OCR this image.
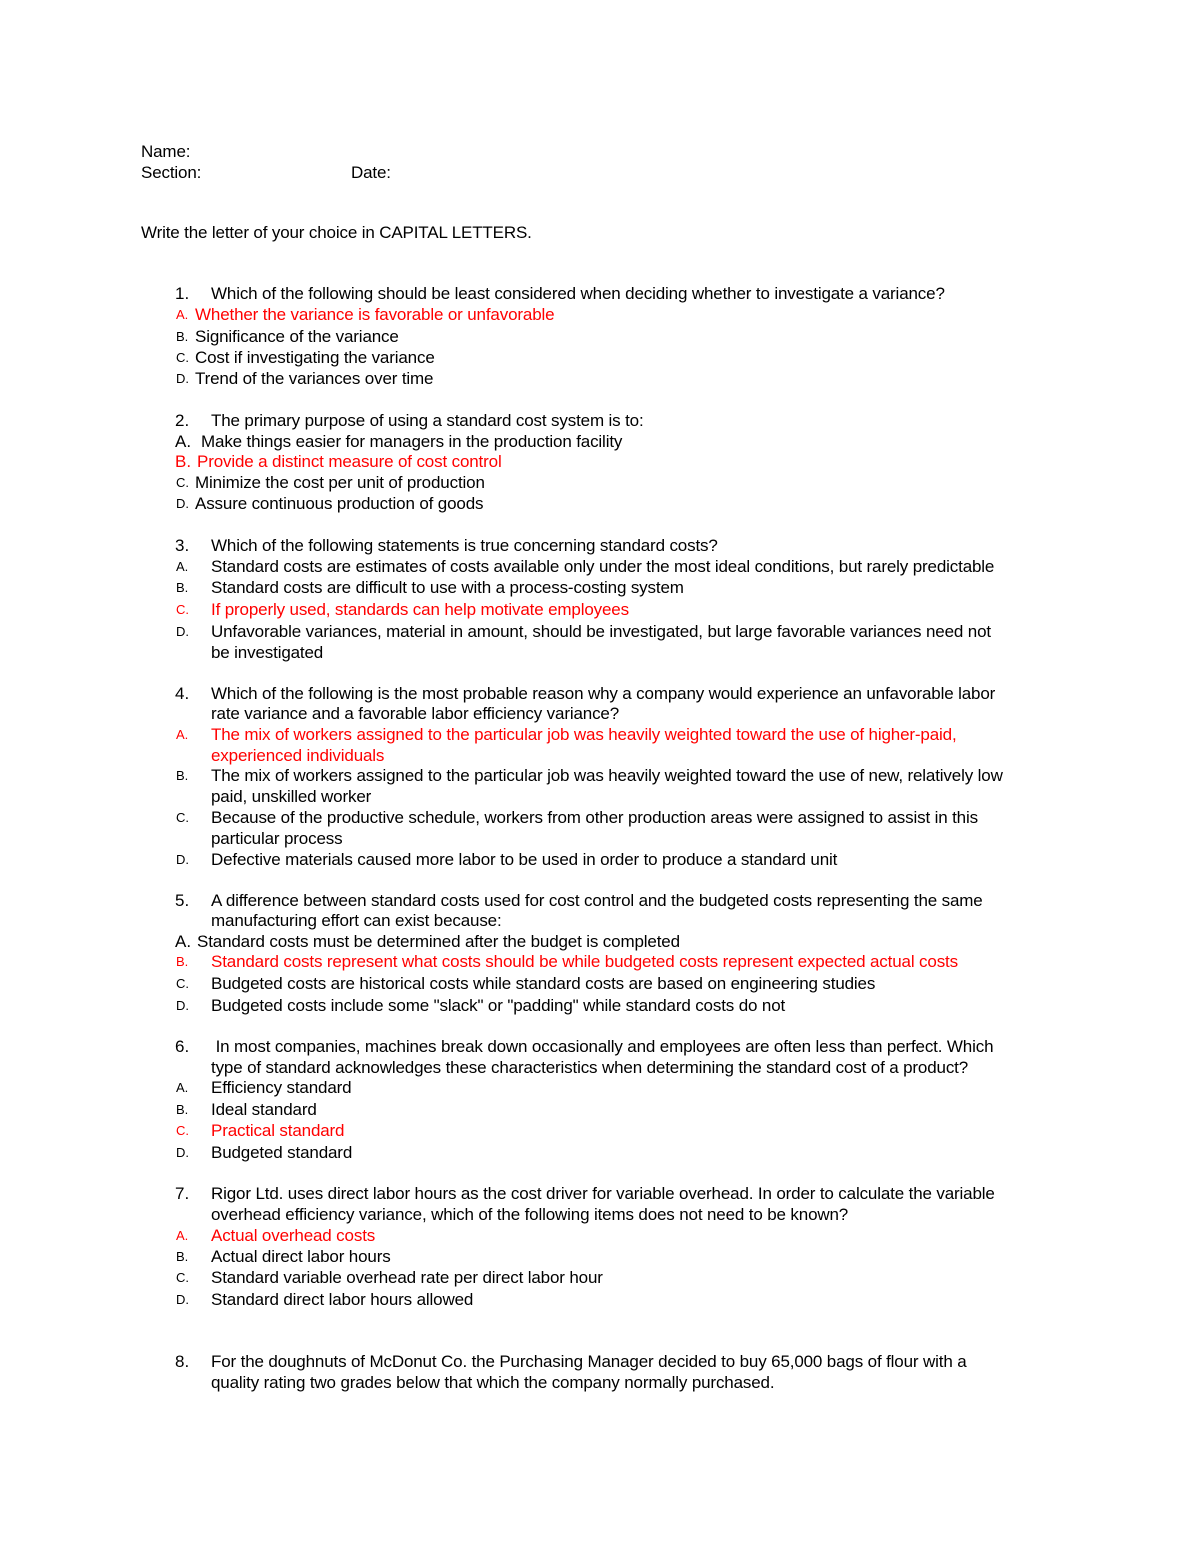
Name:
Section:	Date:
Write the letter of your choice in CAPITAL LETTERS.
1. Which of the following should be least considered when deciding whether to investigate a variance?
A. Whether the variance is favorable or unfavorable
B. Significance of the variance
C. Cost if investigating the variance
D. Trend of the variances over time
2. The primary purpose of using a standard cost system is to:
A. Make things easier for managers in the production facility
B. Provide a distinct measure of cost control
C. Minimize the cost per unit of production
D. Assure continuous production of goods
3. Which of the following statements is true concerning standard costs?
A. Standard costs are estimates of costs available only under the most ideal conditions, but rarely predictable
B. Standard costs are difficult to use with a process-costing system
C. If properly used, standards can help motivate employees
D. Unfavorable variances, material in amount, should be investigated, but large favorable variances need not
be investigated
4. Which of the following is the most probable reason why a company would experience an unfavorable labor
rate variance and a favorable labor efficiency variance?
A. The mix of workers assigned to the particular job was heavily weighted toward the use of higher-paid,
experienced individuals
B. The mix of workers assigned to the particular job was heavily weighted toward the use of new, relatively low
paid, unskilled worker
C. Because of the productive schedule, workers from other production areas were assigned to assist in this
particular process
D. Defective materials caused more labor to be used in order to produce a standard unit
5. A difference between standard costs used for cost control and the budgeted costs representing the same
manufacturing effort can exist because:
A. Standard costs must be determined after the budget is completed
B. Standard costs represent what costs should be while budgeted costs represent expected actual costs
C. Budgeted costs are historical costs while standard costs are based on engineering studies
D. Budgeted costs include some "slack" or "padding" while standard costs do not
6. In most companies, machines break down occasionally and employees are often less than perfect. Which
type of standard acknowledges these characteristics when determining the standard cost of a product?
A. Efficiency standard
B. Ideal standard
C. Practical standard
D. Budgeted standard
7. Rigor Ltd. uses direct labor hours as the cost driver for variable overhead. In order to calculate the variable
overhead efficiency variance, which of the following items does not need to be known?
A. Actual overhead costs
B. Actual direct labor hours
C. Standard variable overhead rate per direct labor hour
D. Standard direct labor hours allowed
8. For the doughnuts of McDonut Co. the Purchasing Manager decided to buy 65,000 bags of flour with a
quality rating two grades below that which the company normally purchased.
